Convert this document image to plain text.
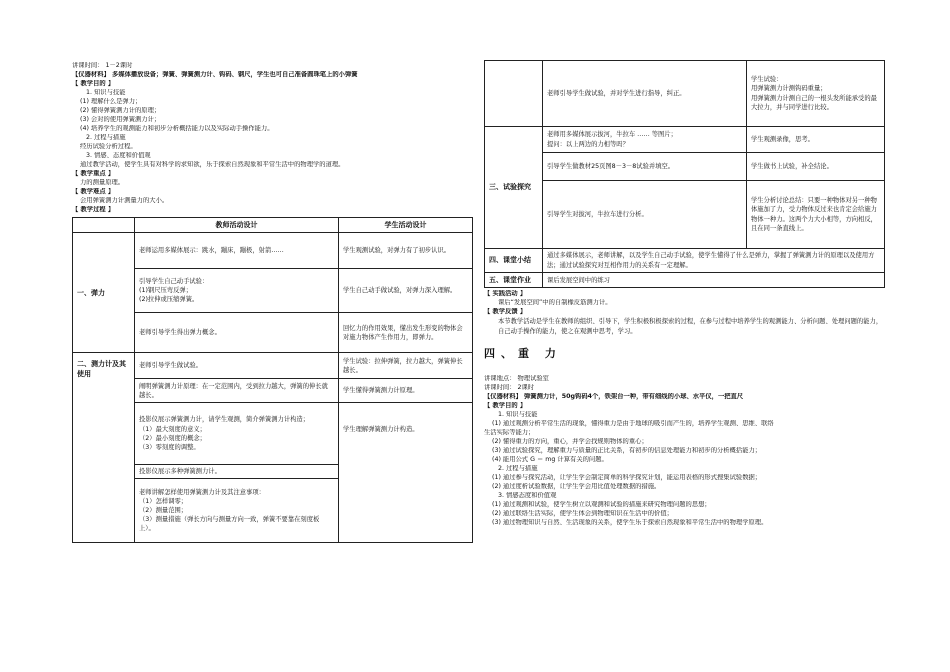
讲课时间： 1－2课时
【仪器材料】 多媒体播放设备；弹簧、弹簧测力计、钩码、钢尺，学生也可自己准备圆珠笔上的小弹簧
【 教学目的 】
1. 知识与技能
(1) 理解什么是弹力；
(2) 懂得弹簧测力计的原理；
(3) 会对的使用弹簧测力计；
(4) 培养学生的观测能力和初步分析概括能力以及实际动手操作能力。
2. 过程与措施
经历试验分析过程。
3. 情感、态度和价值观
通过教学活动，使学生具有对科学的求知欲，乐于探索自然现象和平常生活中的物理学的道理。
【 教学重点 】
力的测量原理。
【 教学难点 】
会用弹簧测力计测量力的大小。
【 教学过程 】
	教师活动设计	学生活动设计
一、弹力	老师运用多媒体展示：跳水，蹦床，蹦极，射箭……	学生观测试验，对弹力有了初步认识。

	引导学生自己动手试验：
(1)钢尺压弯反弹；
(2)拉伸或压缩弹簧。	学生自己动手做试验，对弹力深入理解。
	老师引导学生得出弹力概念。	回忆力的作用效果，懂出发生形变的物体会对施力物体产生作用力，即弹力。
二、测力计及其使用	老师引导学生做试验。	学生试验：拉伸弹簧，拉力越大，弹簧伸长越长。
	阐明弹簧测力计原理：在一定范围内，受到拉力越大，弹簧的伸长就越长。	学生懂得弹簧测力计原理。

	投影仪展示弹簧测力计，请学生观测，简介弹簧测力计构造；
（1）最大刻度的意义；
（2）最小刻度的概念；
（3）零刻度的调整。	学生理解弹簧测力计构造。
	投影仪展示多种弹簧测力计。	

	老师讲解怎样使用弹簧测力计及其注意事项：
（1）怎样调零；
（2）测量范围；
（3）测量措施（弹长方向与测量方向一致，弹簧不要靠在刻度板上）。	
	老师引导学生做试验，并对学生进行指导，纠正。	学生试验：
用弹簧测力计测钩码重量；
用弹簧测力计测自己的一根头发所能承受的最大拉力，并与同学进行比较。

三、试验探究	老师用多媒体展示拔河，牛拉车 …… 等图片；
提问：以上两边的力相等吗？	学生观测录像，思考。
	引导学生做教材25页图8－3－8试验并填空。	学生做书上试验，补全结论。
	引导学生对拔河，牛拉车进行分析。	学生分析讨论总结：只要一种物体对另一种物体施加了力，受力物体反过来也肯定会给施力物体一种力。这两个力大小相等，方向相反，且在同一条直线上。
四、课堂小结	通过多媒体展示，老师讲解，以及学生自己动手试验，使学生懂得了什么是弹力，掌握了弹簧测力计的原理以及使用方法；通过试验探究对互相作用力的关系有一定理解。	
五、课堂作业	课后发展空间中的练习	
【 实践活动 】
课后“发展空间”中的自制橡皮筋测力计。
【 教学反馈 】
本节教学活动是学生在教师的组织、引导下，学生积极积极探索的过程，在参与过程中培养学生的观测能力、分析问题、处理问题的能力，自己动手操作的能力，使之在观测中思考，学习。
四、重 力
讲课地点： 物理试验室
讲课时间： 2课时
【仪器材料】 弹簧测力计，50g钩码4个，铁架台一种，带有细线的小球、水平仪，一把直尺
【 教学目的 】
1. 知识与技能
(1) 通过观测分析平常生活的现象，懂得重力是由于地球的吸引而产生的，培养学生观测、思维、联络
生活实际等能力；
(2) 懂得重力的方向，重心，并学会找规则物体的重心；
(3) 通过试验探究，理解重力与质量的正比关系，有初步的信息处理能力和初步的分析概括能力；
(4) 能用公式 G ＝ mg 计算有关的问题。
2. 过程与措施
(1) 通过参与探究活动，让学生学会制定简单的科学探究计划，能运用表格的形式搜集试验数据；
(2) 通过度析试验数据，让学生学会用比值处理数据的措施。
3. 情感态度和价值观
(1) 通过观测和试验，使学生树立以观测和试验的措施来研究物理问题的思想；
(2) 通过联络生活实际，使学生体会到物理知识在生活中的价值；
(3) 通过物理知识与自然、生活现象的关系，使学生乐于探索自然现象和平常生活中的物理学原理。
